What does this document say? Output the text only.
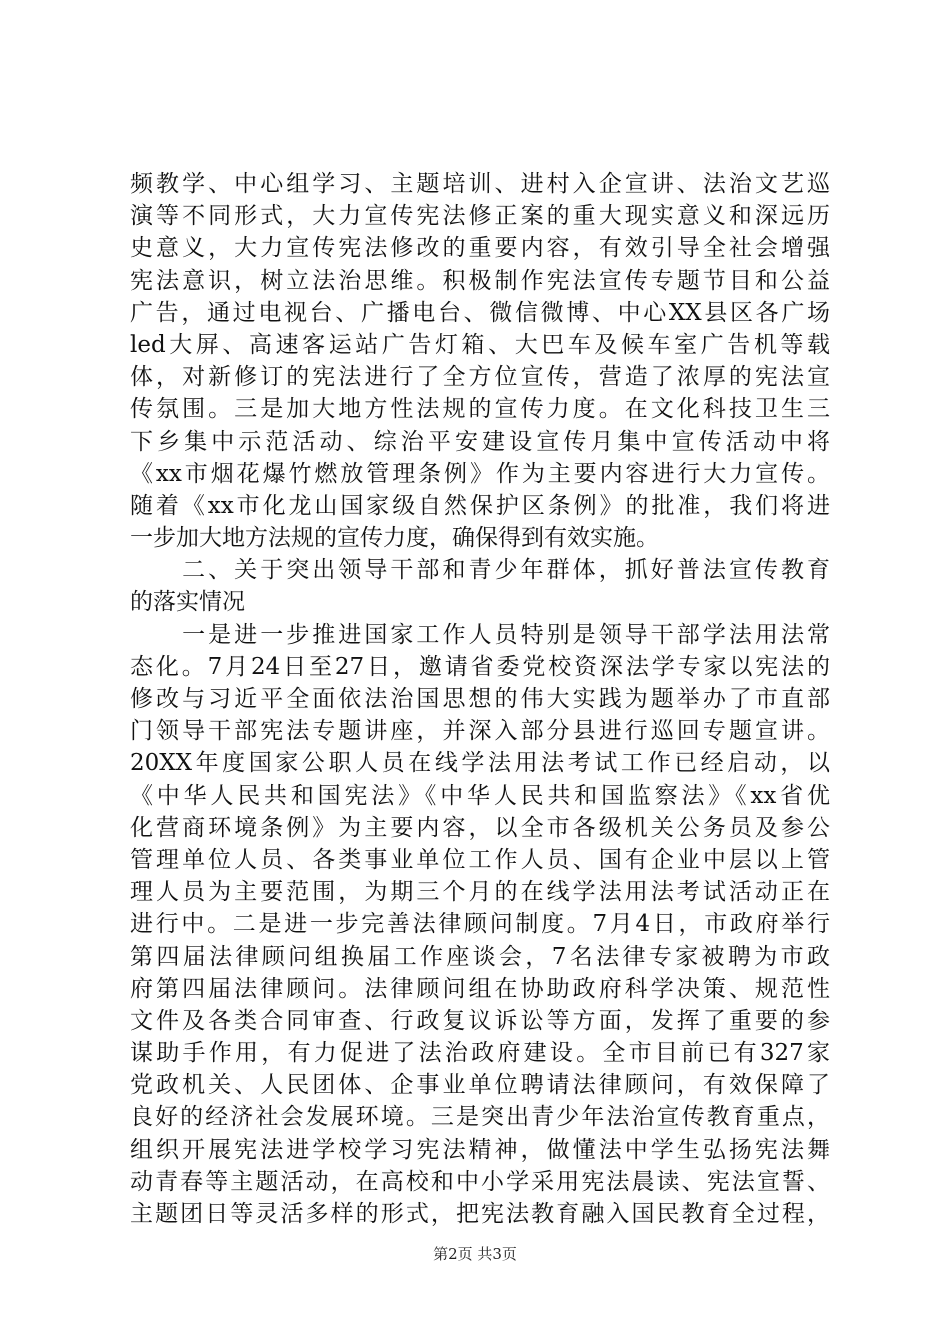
频教学、中心组学习、主题培训、进村入企宣讲、法治文艺巡
演等不同形式，大力宣传宪法修正案的重大现实意义和深远历
史意义，大力宣传宪法修改的重要内容，有效引导全社会增强
宪法意识，树立法治思维。积极制作宪法宣传专题节目和公益
广告，通过电视台、广播电台、微信微博、中心XX县区各广场
led大屏、高速客运站广告灯箱、大巴车及候车室广告机等载
体，对新修订的宪法进行了全方位宣传，营造了浓厚的宪法宣
传氛围。三是加大地方性法规的宣传力度。在文化科技卫生三
下乡集中示范活动、综治平安建设宣传月集中宣传活动中将
《xx市烟花爆竹燃放管理条例》作为主要内容进行大力宣传。
随着《xx市化龙山国家级自然保护区条例》的批准，我们将进
一步加大地方法规的宣传力度，确保得到有效实施。
　　二、关于突出领导干部和青少年群体，抓好普法宣传教育
的落实情况
　　一是进一步推进国家工作人员特别是领导干部学法用法常
态化。7月24日至27日，邀请省委党校资深法学专家以宪法的
修改与习近平全面依法治国思想的伟大实践为题举办了市直部
门领导干部宪法专题讲座，并深入部分县进行巡回专题宣讲。
20XX年度国家公职人员在线学法用法考试工作已经启动，以
《中华人民共和国宪法》《中华人民共和国监察法》《xx省优
化营商环境条例》为主要内容，以全市各级机关公务员及参公
管理单位人员、各类事业单位工作人员、国有企业中层以上管
理人员为主要范围，为期三个月的在线学法用法考试活动正在
进行中。二是进一步完善法律顾问制度。7月4日，市政府举行
第四届法律顾问组换届工作座谈会，7名法律专家被聘为市政
府第四届法律顾问。法律顾问组在协助政府科学决策、规范性
文件及各类合同审查、行政复议诉讼等方面，发挥了重要的参
谋助手作用，有力促进了法治政府建设。全市目前已有327家
党政机关、人民团体、企事业单位聘请法律顾问，有效保障了
良好的经济社会发展环境。三是突出青少年法治宣传教育重点，
组织开展宪法进学校学习宪法精神，做懂法中学生弘扬宪法舞
动青春等主题活动，在高校和中小学采用宪法晨读、宪法宣誓、
主题团日等灵活多样的形式，把宪法教育融入国民教育全过程，
第2页 共3页
